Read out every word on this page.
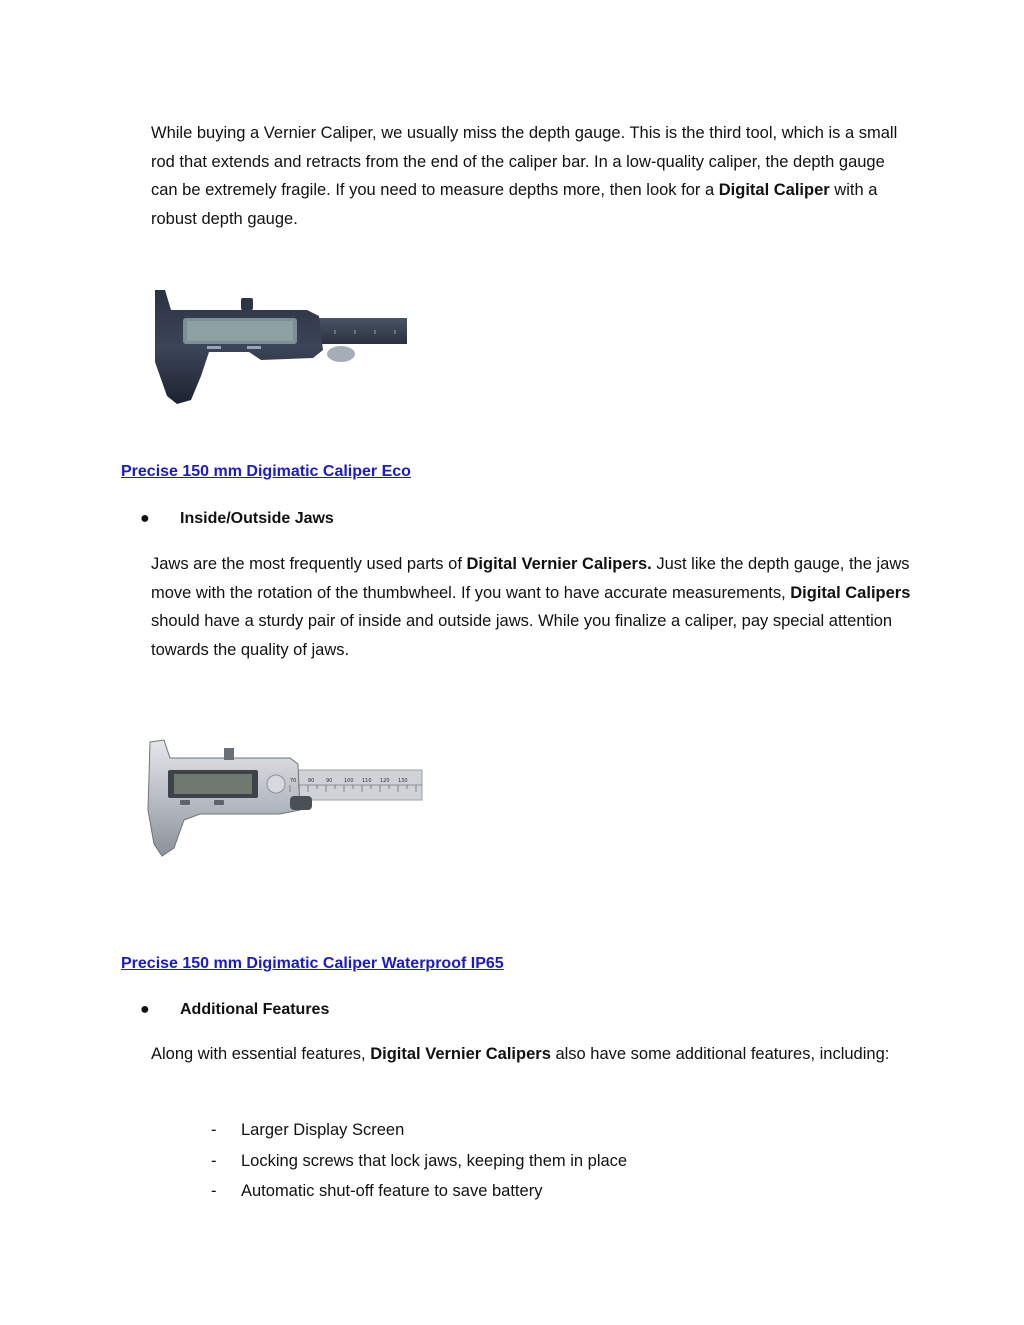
While buying a Vernier Caliper, we usually miss the depth gauge. This is the third tool, which is a small rod that extends and retracts from the end of the caliper bar. In a low-quality caliper, the depth gauge can be extremely fragile. If you need to measure depths more, then look for a Digital Caliper with a robust depth gauge.

Precise 150 mm Digimatic Caliper Eco
● Inside/Outside Jaws

Jaws are the most frequently used parts of Digital Vernier Calipers. Just like the depth gauge, the jaws move with the rotation of the thumbwheel. If you want to have accurate measurements, Digital Calipers should have a sturdy pair of inside and outside jaws. While you finalize a caliper, pay special attention towards the quality of jaws.

70 80 90 100 110 120 130
Precise 150 mm Digimatic Caliper Waterproof IP65
● Additional Features

Along with essential features, Digital Vernier Calipers also have some additional features, including:

- Larger Display Screen
- Locking screws that lock jaws, keeping them in place
- Automatic shut-off feature to save battery
